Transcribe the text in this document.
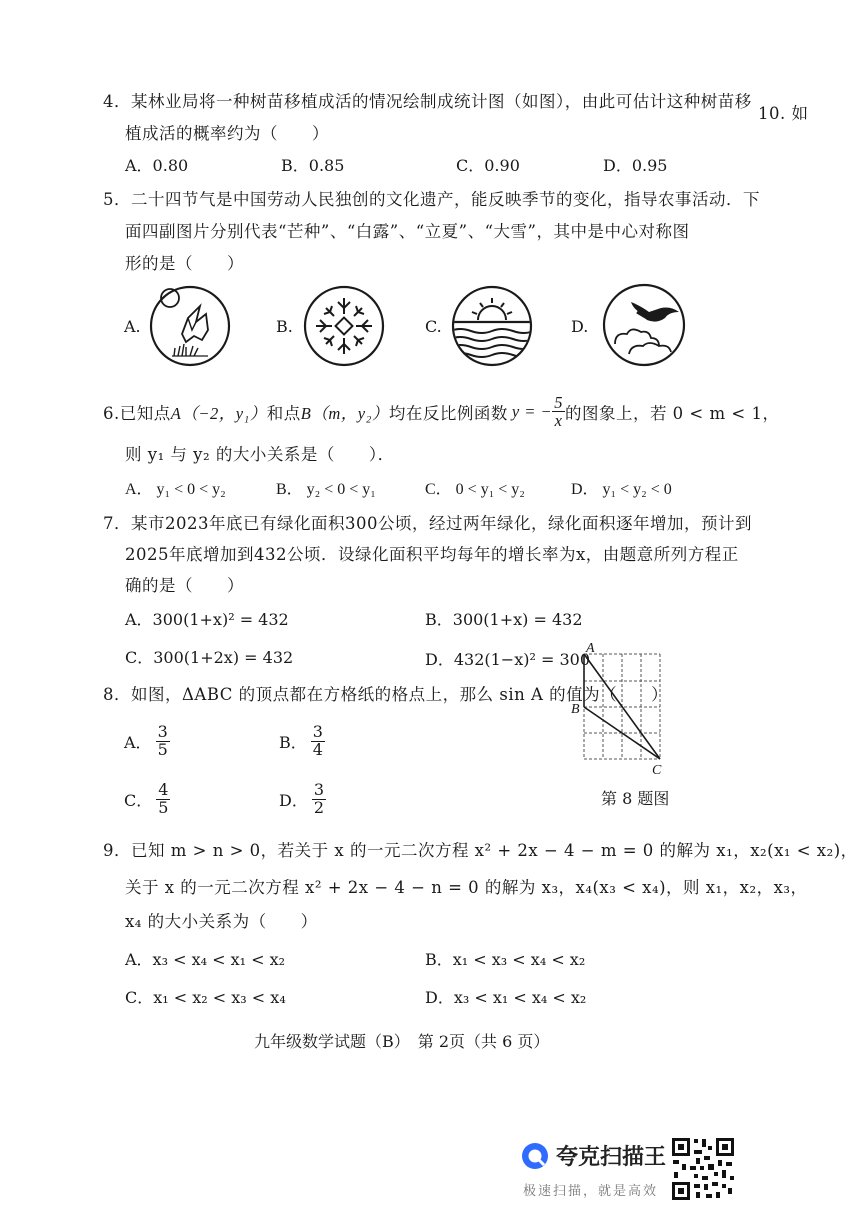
10. 如
4．某林业局将一种树苗移植成活的情况绘制成统计图（如图），由此可估计这种树苗移
植成活的概率约为（　　）
A．0.80	B．0.85	C．0.90	D．0.95
5．二十四节气是中国劳动人民独创的文化遗产，能反映季节的变化，指导农事活动．下
面四副图片分别代表“芒种”、“白露”、“立夏”、“大雪”，其中是中心对称图
形的是（　　）
A.	B.	C.	D.
6.已知点 A（−2，y₁） 和点 B（m，y₂） 均在反比例函数 y = − $\frac{5}{x}$ 的图象上，若 0 < m < 1，
则 y₁ 与 y₂ 的大小关系是（　　）．
A． y₁ < 0 < y₂	B． y₂ < 0 < y₁	C． 0 < y₁ < y₂	D． y₁ < y₂ < 0
7．某市2023年底已有绿化面积300公顷，经过两年绿化，绿化面积逐年增加，预计到
2025年底增加到432公顷．设绿化面积平均每年的增长率为x，由题意所列方程正
确的是（　　）
A．300(1+x)² = 432	B．300(1+x) = 432
C．300(1+2x) = 432	D．432(1−x)² = 300
8．如图，ΔABC 的顶点都在方格纸的格点上，那么 sin A 的值为（　　）
A． $\frac{3}{5}$	B． $\frac{3}{4}$
C． $\frac{4}{5}$	D． $\frac{3}{2}$
A
B
C
第 8 题图
9．已知 m > n > 0，若关于 x 的一元二次方程 x² + 2x − 4 − m = 0 的解为 x₁，x₂(x₁ < x₂)，
关于 x 的一元二次方程 x² + 2x − 4 − n = 0 的解为 x₃，x₄(x₃ < x₄)，则 x₁，x₂，x₃，
x₄ 的大小关系为（　　）
A．x₃ < x₄ < x₁ < x₂	B．x₁ < x₃ < x₄ < x₂
C．x₁ < x₂ < x₃ < x₄	D．x₃ < x₁ < x₄ < x₂
九年级数学试题（B）　第 2页（共 6 页）
夸克扫描王
极速扫描，就是高效
